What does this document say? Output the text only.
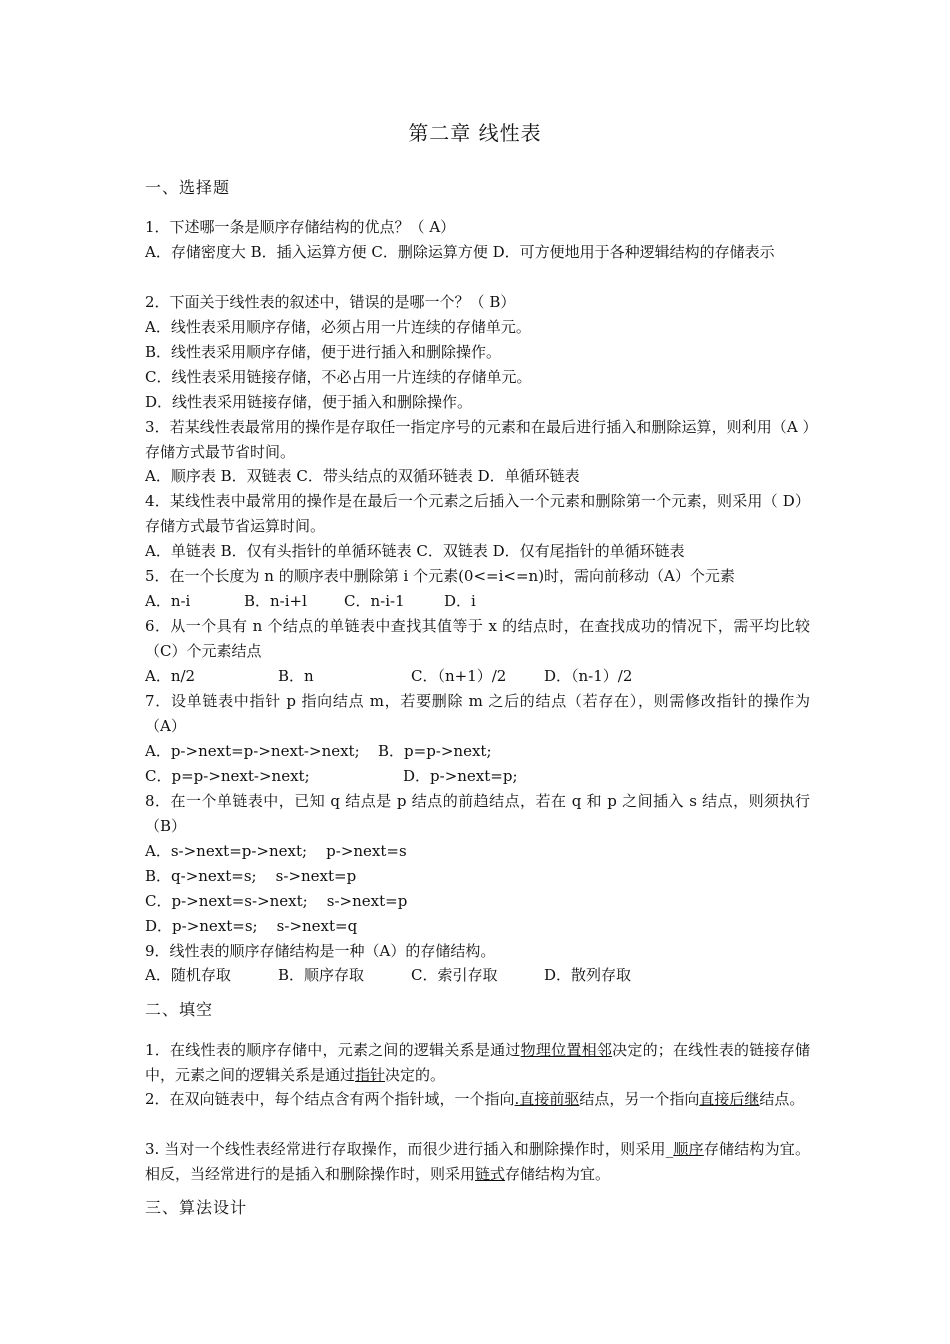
第二章 线性表
一、选择题
1．下述哪一条是顺序存储结构的优点？（ A）
A．存储密度大 B．插入运算方便 C．删除运算方便 D．可方便地用于各种逻辑结构的存储表示
2．下面关于线性表的叙述中，错误的是哪一个？（ B）
A．线性表采用顺序存储，必须占用一片连续的存储单元。
B．线性表采用顺序存储，便于进行插入和删除操作。
C．线性表采用链接存储，不必占用一片连续的存储单元。
D．线性表采用链接存储，便于插入和删除操作。
3．若某线性表最常用的操作是存取任一指定序号的元素和在最后进行插入和删除运算，则利用（A ）存储方式最节省时间。
A．顺序表 B．双链表 C．带头结点的双循环链表 D．单循环链表
4．某线性表中最常用的操作是在最后一个元素之后插入一个元素和删除第一个元素，则采用（ D）存储方式最节省运算时间。
A．单链表 B．仅有头指针的单循环链表 C．双链表 D．仅有尾指针的单循环链表
5．在一个长度为 n 的顺序表中删除第 i 个元素(0<=i<=n)时，需向前移动（A）个元素
A．n-i	B．n-i+l C．n-i-1	D．i
6．从一个具有 n 个结点的单链表中查找其值等于 x 的结点时，在查找成功的情况下，需平均比较（C）个元素结点
A．n/2	B．n	C．（n+1）/2	D．（n-1）/2
7．设单链表中指针 p 指向结点 m，若要删除 m 之后的结点（若存在），则需修改指针的操作为（A）
A．p->next=p->next->next; B．p=p->next;
C．p=p->next->next;	D．p->next=p;
8．在一个单链表中，已知 q 结点是 p 结点的前趋结点，若在 q 和 p 之间插入 s 结点，则须执行（B）
A．s->next=p->next;    p->next=s
B．q->next=s;    s->next=p
C．p->next=s->next;    s->next=p
D．p->next=s;    s->next=q
9．线性表的顺序存储结构是一种（A）的存储结构。
A．随机存取	B．顺序存取	C．索引存取	D．散列存取
二、填空
1．在线性表的顺序存储中，元素之间的逻辑关系是通过物理位置相邻决定的；在线性表的链接存储中，元素之间的逻辑关系是通过指针决定的。
2．在双向链表中，每个结点含有两个指针域，一个指向.直接前驱结点，另一个指向直接后继结点。
3. 当对一个线性表经常进行存取操作，而很少进行插入和删除操作时，则采用_顺序存储结构为宜。相反，当经常进行的是插入和删除操作时，则采用链式存储结构为宜。
三、算法设计
